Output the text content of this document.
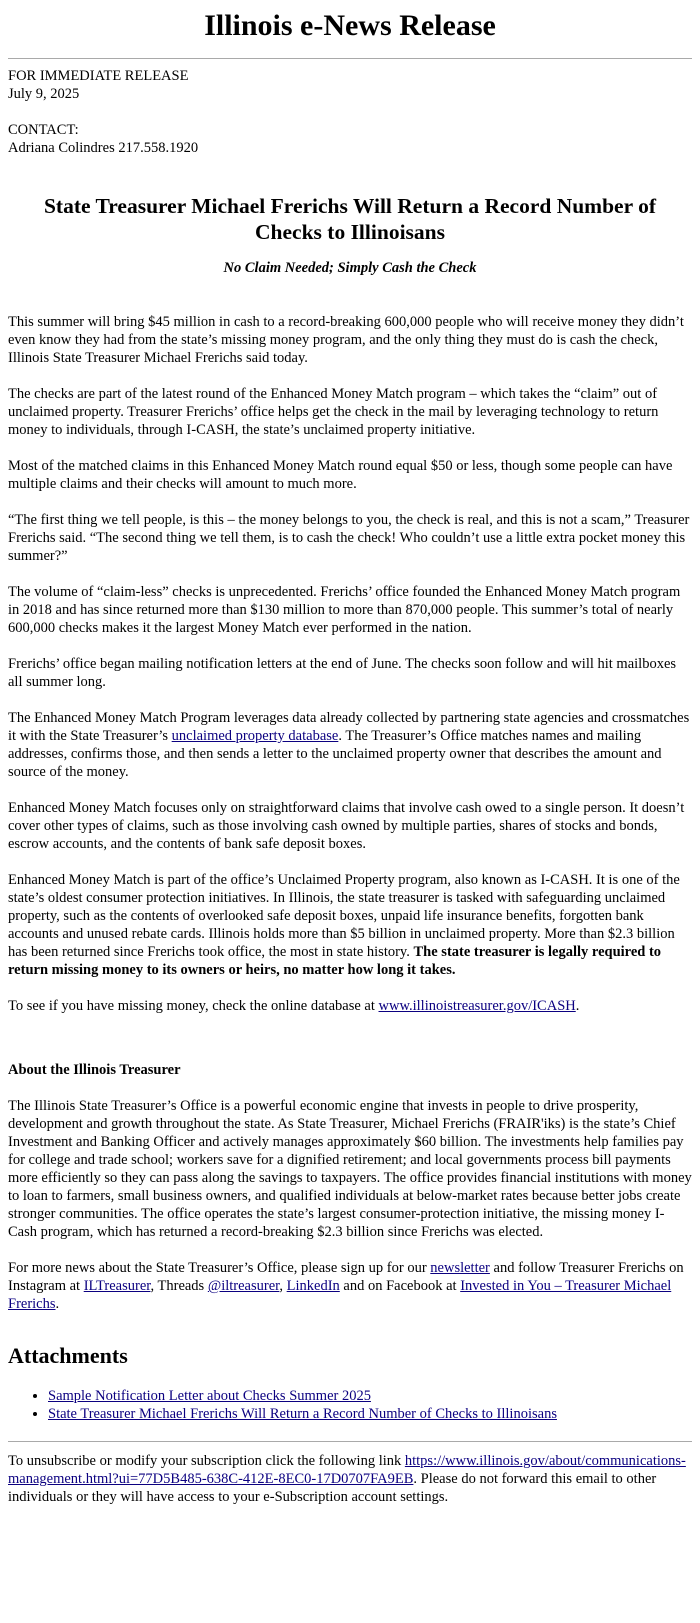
Illinois e-News Release

FOR IMMEDIATE RELEASE

July 9, 2025

CONTACT:

Adriana Colindres 217.558.1920

State Treasurer Michael Frerichs Will Return a Record Number of Checks to Illinoisans

No Claim Needed; Simply Cash the Check

This summer will bring $45 million in cash to a record-breaking 600,000 people who will receive money they didn’t even know they had from the state’s missing money program, and the only thing they must do is cash the check, Illinois State Treasurer Michael Frerichs said today.

The checks are part of the latest round of the Enhanced Money Match program – which takes the “claim” out of unclaimed property. Treasurer Frerichs’ office helps get the check in the mail by leveraging technology to return money to individuals, through I-CASH, the state’s unclaimed property initiative.

Most of the matched claims in this Enhanced Money Match round equal $50 or less, though some people can have multiple claims and their checks will amount to much more.

“The first thing we tell people, is this – the money belongs to you, the check is real, and this is not a scam,” Treasurer Frerichs said. “The second thing we tell them, is to cash the check! Who couldn’t use a little extra pocket money this summer?”

The volume of “claim-less” checks is unprecedented. Frerichs’ office founded the Enhanced Money Match program in 2018 and has since returned more than $130 million to more than 870,000 people. This summer’s total of nearly 600,000 checks makes it the largest Money Match ever performed in the nation.

Frerichs’ office began mailing notification letters at the end of June. The checks soon follow and will hit mailboxes all summer long.

The Enhanced Money Match Program leverages data already collected by partnering state agencies and crossmatches it with the State Treasurer’s unclaimed property database. The Treasurer’s Office matches names and mailing addresses, confirms those, and then sends a letter to the unclaimed property owner that describes the amount and source of the money.

Enhanced Money Match focuses only on straightforward claims that involve cash owed to a single person. It doesn’t cover other types of claims, such as those involving cash owned by multiple parties, shares of stocks and bonds, escrow accounts, and the contents of bank safe deposit boxes.

Enhanced Money Match is part of the office’s Unclaimed Property program, also known as I-CASH. It is one of the state’s oldest consumer protection initiatives. In Illinois, the state treasurer is tasked with safeguarding unclaimed property, such as the contents of overlooked safe deposit boxes, unpaid life insurance benefits, forgotten bank accounts and unused rebate cards. Illinois holds more than $5 billion in unclaimed property. More than $2.3 billion has been returned since Frerichs took office, the most in state history. The state treasurer is legally required to return missing money to its owners or heirs, no matter how long it takes.

To see if you have missing money, check the online database at www.illinoistreasurer.gov/ICASH.

About the Illinois Treasurer

The Illinois State Treasurer’s Office is a powerful economic engine that invests in people to drive prosperity, development and growth throughout the state. As State Treasurer, Michael Frerichs (FRAIR'iks) is the state’s Chief Investment and Banking Officer and actively manages approximately $60 billion. The investments help families pay for college and trade school; workers save for a dignified retirement; and local governments process bill payments more efficiently so they can pass along the savings to taxpayers. The office provides financial institutions with money to loan to farmers, small business owners, and qualified individuals at below-market rates because better jobs create stronger communities. The office operates the state’s largest consumer-protection initiative, the missing money I-Cash program, which has returned a record-breaking $2.3 billion since Frerichs was elected.

For more news about the State Treasurer’s Office, please sign up for our newsletter and follow Treasurer Frerichs on Instagram at ILTreasurer, Threads @iltreasurer, LinkedIn and on Facebook at Invested in You – Treasurer Michael Frerichs.

Attachments
• Sample Notification Letter about Checks Summer 2025
• State Treasurer Michael Frerichs Will Return a Record Number of Checks to Illinoisans

To unsubscribe or modify your subscription click the following link https://www.illinois.gov/about/communications-management.html?ui=77D5B485-638C-412E-8EC0-17D0707FA9EB. Please do not forward this email to other individuals or they will have access to your e-Subscription account settings.
